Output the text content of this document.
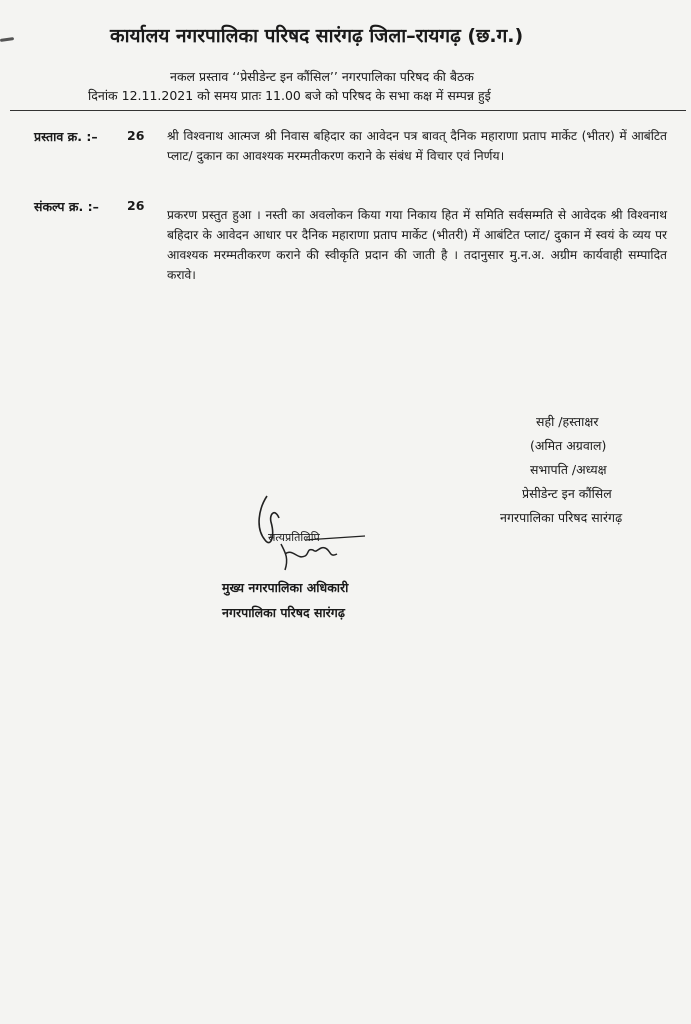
कार्यालय नगरपालिका परिषद सारंगढ़ जिला–रायगढ़ (छ.ग.)
नकल प्रस्ताव ‘‘प्रेसीडेन्ट इन कौंसिल’’ नगरपालिका परिषद की बैठक
दिनांक 12.11.2021 को समय प्रातः 11.00 बजे को परिषद के सभा कक्ष में सम्पन्न हुई
प्रस्ताव क्र. :– 26 श्री विश्वनाथ आत्मज श्री निवास बहिदार का आवेदन पत्र बावत् दैनिक महाराणा प्रताप मार्केट (भीतर) में आबंटित प्लाट/ दुकान का आवश्यक मरम्मतीकरण कराने के संबंध में विचार एवं निर्णय।
संकल्प क्र. :– 26
प्रकरण प्रस्तुत हुआ । नस्ती का अवलोकन किया गया निकाय हित में समिति सर्वसम्मति से आवेदक श्री विश्वनाथ बहिदार के आवेदन आधार पर दैनिक महाराणा प्रताप मार्केट (भीतरी) में आबंटित प्लाट/ दुकान में स्वयं के व्यय पर आवश्यक मरम्मतीकरण कराने की स्वीकृति प्रदान की जाती है । तदानुसार मु.न.अ. अग्रीम कार्यवाही सम्पादित करावे।
सही /हस्ताक्षर
(अमित अग्रवाल)
सभापति /अध्यक्ष
प्रेसीडेन्ट इन कौंसिल
नगरपालिका परिषद सारंगढ़
सत्यप्रतिलिपि
मुख्य नगरपालिका अधिकारी
नगरपालिका परिषद सारंगढ़
